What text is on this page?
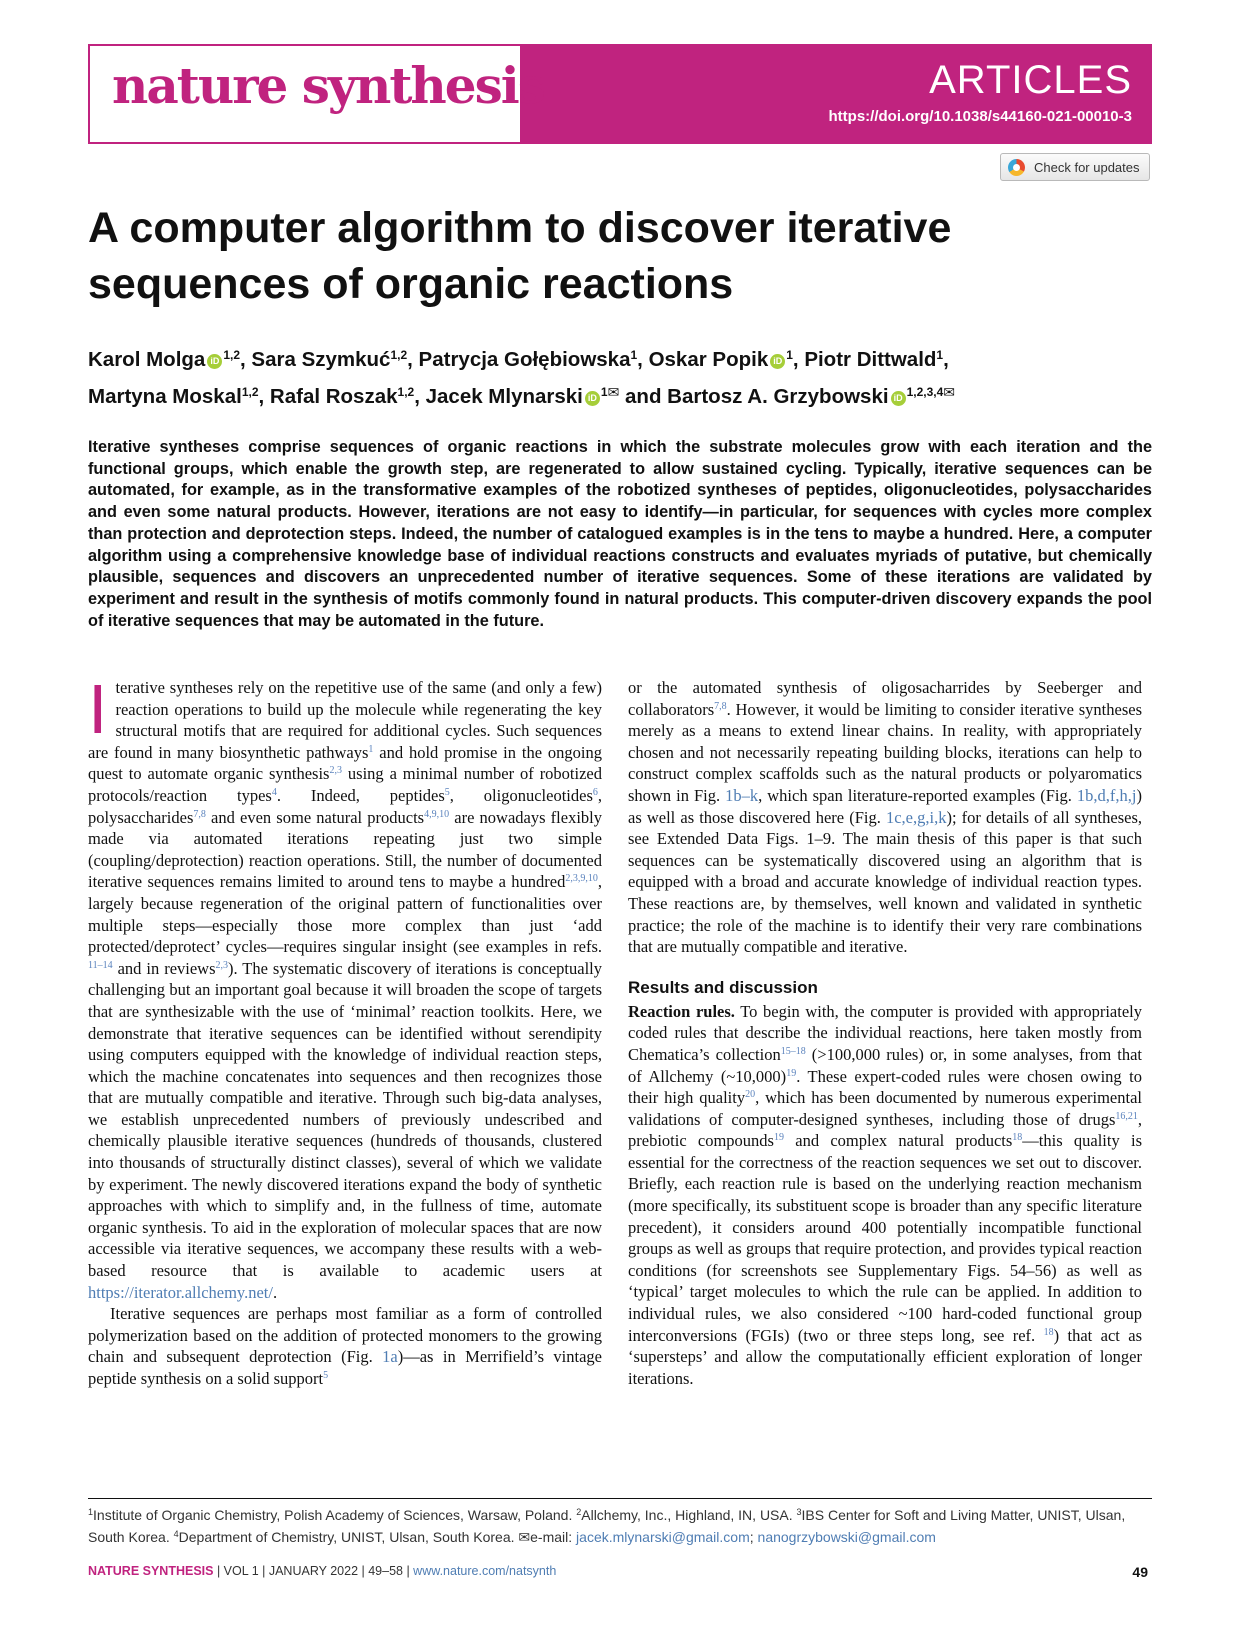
nature synthesis	ARTICLES
https://doi.org/10.1038/s44160-021-00010-3
Check for updates
A computer algorithm to discover iterative sequences of organic reactions
Karol Molga iD $^{1,2}$, Sara Szymkuć$^{1,2}$, Patrycja Gołębiowska$^1$, Oskar Popik iD $^1$, Piotr Dittwald$^1$,
Martyna Moskal$^{1,2}$, Rafal Roszak$^{1,2}$, Jacek Mlynarski iD $^1$✉ and Bartosz A. Grzybowski iD $^{1,2,3,4}$✉

Iterative syntheses comprise sequences of organic reactions in which the substrate molecules grow with each iteration and the functional groups, which enable the growth step, are regenerated to allow sustained cycling. Typically, iterative sequences can be automated, for example, as in the transformative examples of the robotized syntheses of peptides, oligonucleotides, polysaccharides and even some natural products. However, iterations are not easy to identify—in particular, for sequences with cycles more complex than protection and deprotection steps. Indeed, the number of catalogued examples is in the tens to maybe a hundred. Here, a computer algorithm using a comprehensive knowledge base of individual reactions constructs and evaluates myriads of putative, but chemically plausible, sequences and discovers an unprecedented number of iterative sequences. Some of these iterations are validated by experiment and result in the synthesis of motifs commonly found in natural products. This computer-driven discovery expands the pool of iterative sequences that may be automated in the future.

Iterative syntheses rely on the repetitive use of the same (and only a few) reaction operations to build up the molecule while regenerating the key structural motifs that are required for additional cycles. Such sequences are found in many biosynthetic pathways$^1$ and hold promise in the ongoing quest to automate organic synthesis$^{2,3}$ using a minimal number of robotized protocols/reaction types$^4$. Indeed, peptides$^5$, oligonucleotides$^6$, polysaccharides$^{7,8}$ and even some natural products$^{4,9,10}$ are nowadays flexibly made via automated iterations repeating just two simple (coupling/deprotection) reaction operations. Still, the number of documented iterative sequences remains limited to around tens to maybe a hundred$^{2,3,9,10}$, largely because regeneration of the original pattern of functionalities over multiple steps—especially those more complex than just ‘add protected/deprotect’ cycles—requires singular insight (see examples in refs. $^{11-14}$ and in reviews$^{2,3}$). The systematic discovery of iterations is conceptually challenging but an important goal because it will broaden the scope of targets that are synthesizable with the use of ‘minimal’ reaction toolkits. Here, we demonstrate that iterative sequences can be identified without serendipity using computers equipped with the knowledge of individual reaction steps, which the machine concatenates into sequences and then recognizes those that are mutually compatible and iterative. Through such big-data analyses, we establish unprecedented numbers of previously undescribed and chemically plausible iterative sequences (hundreds of thousands, clustered into thousands of structurally distinct classes), several of which we validate by experiment. The newly discovered iterations expand the body of synthetic approaches with which to simplify and, in the fullness of time, automate organic synthesis. To aid in the exploration of molecular spaces that are now accessible via iterative sequences, we accompany these results with a web-based resource that is available to academic users at https://iterator.allchemy.net/.

Iterative sequences are perhaps most familiar as a form of controlled polymerization based on the addition of protected monomers to the growing chain and subsequent deprotection (Fig. 1a)—as in Merrifield’s vintage peptide synthesis on a solid support$^5$

or the automated synthesis of oligosacharrides by Seeberger and collaborators$^{7,8}$. However, it would be limiting to consider iterative syntheses merely as a means to extend linear chains. In reality, with appropriately chosen and not necessarily repeating building blocks, iterations can help to construct complex scaffolds such as the natural products or polyaromatics shown in Fig. 1b–k, which span literature-reported examples (Fig. 1b,d,f,h,j) as well as those discovered here (Fig. 1c,e,g,i,k); for details of all syntheses, see Extended Data Figs. 1–9. The main thesis of this paper is that such sequences can be systematically discovered using an algorithm that is equipped with a broad and accurate knowledge of individual reaction types. These reactions are, by themselves, well known and validated in synthetic practice; the role of the machine is to identify their very rare combinations that are mutually compatible and iterative.

Results and discussion

Reaction rules. To begin with, the computer is provided with appropriately coded rules that describe the individual reactions, here taken mostly from Chematica’s collection$^{15-18}$ (>100,000 rules) or, in some analyses, from that of Allchemy (~10,000)$^{19}$. These expert-coded rules were chosen owing to their high quality$^{20}$, which has been documented by numerous experimental validations of computer-designed syntheses, including those of drugs$^{16,21}$, prebiotic compounds$^{19}$ and complex natural products$^{18}$—this quality is essential for the correctness of the reaction sequences we set out to discover. Briefly, each reaction rule is based on the underlying reaction mechanism (more specifically, its substituent scope is broader than any specific literature precedent), it considers around 400 potentially incompatible functional groups as well as groups that require protection, and provides typical reaction conditions (for screenshots see Supplementary Figs. 54–56) as well as ‘typical’ target molecules to which the rule can be applied. In addition to individual rules, we also considered ~100 hard-coded functional group interconversions (FGIs) (two or three steps long, see ref. $^{18}$) that act as ‘supersteps’ and allow the computationally efficient exploration of longer iterations.

$^1$Institute of Organic Chemistry, Polish Academy of Sciences, Warsaw, Poland. $^2$Allchemy, Inc., Highland, IN, USA. $^3$IBS Center for Soft and Living Matter, UNIST, Ulsan, South Korea. $^4$Department of Chemistry, UNIST, Ulsan, South Korea. ✉e-mail: jacek.mlynarski@gmail.com; nanogrzybowski@gmail.com
NATURE SYNTHESIS | VOL 1 | JANUARY 2022 | 49–58 | www.nature.com/natsynth	49
